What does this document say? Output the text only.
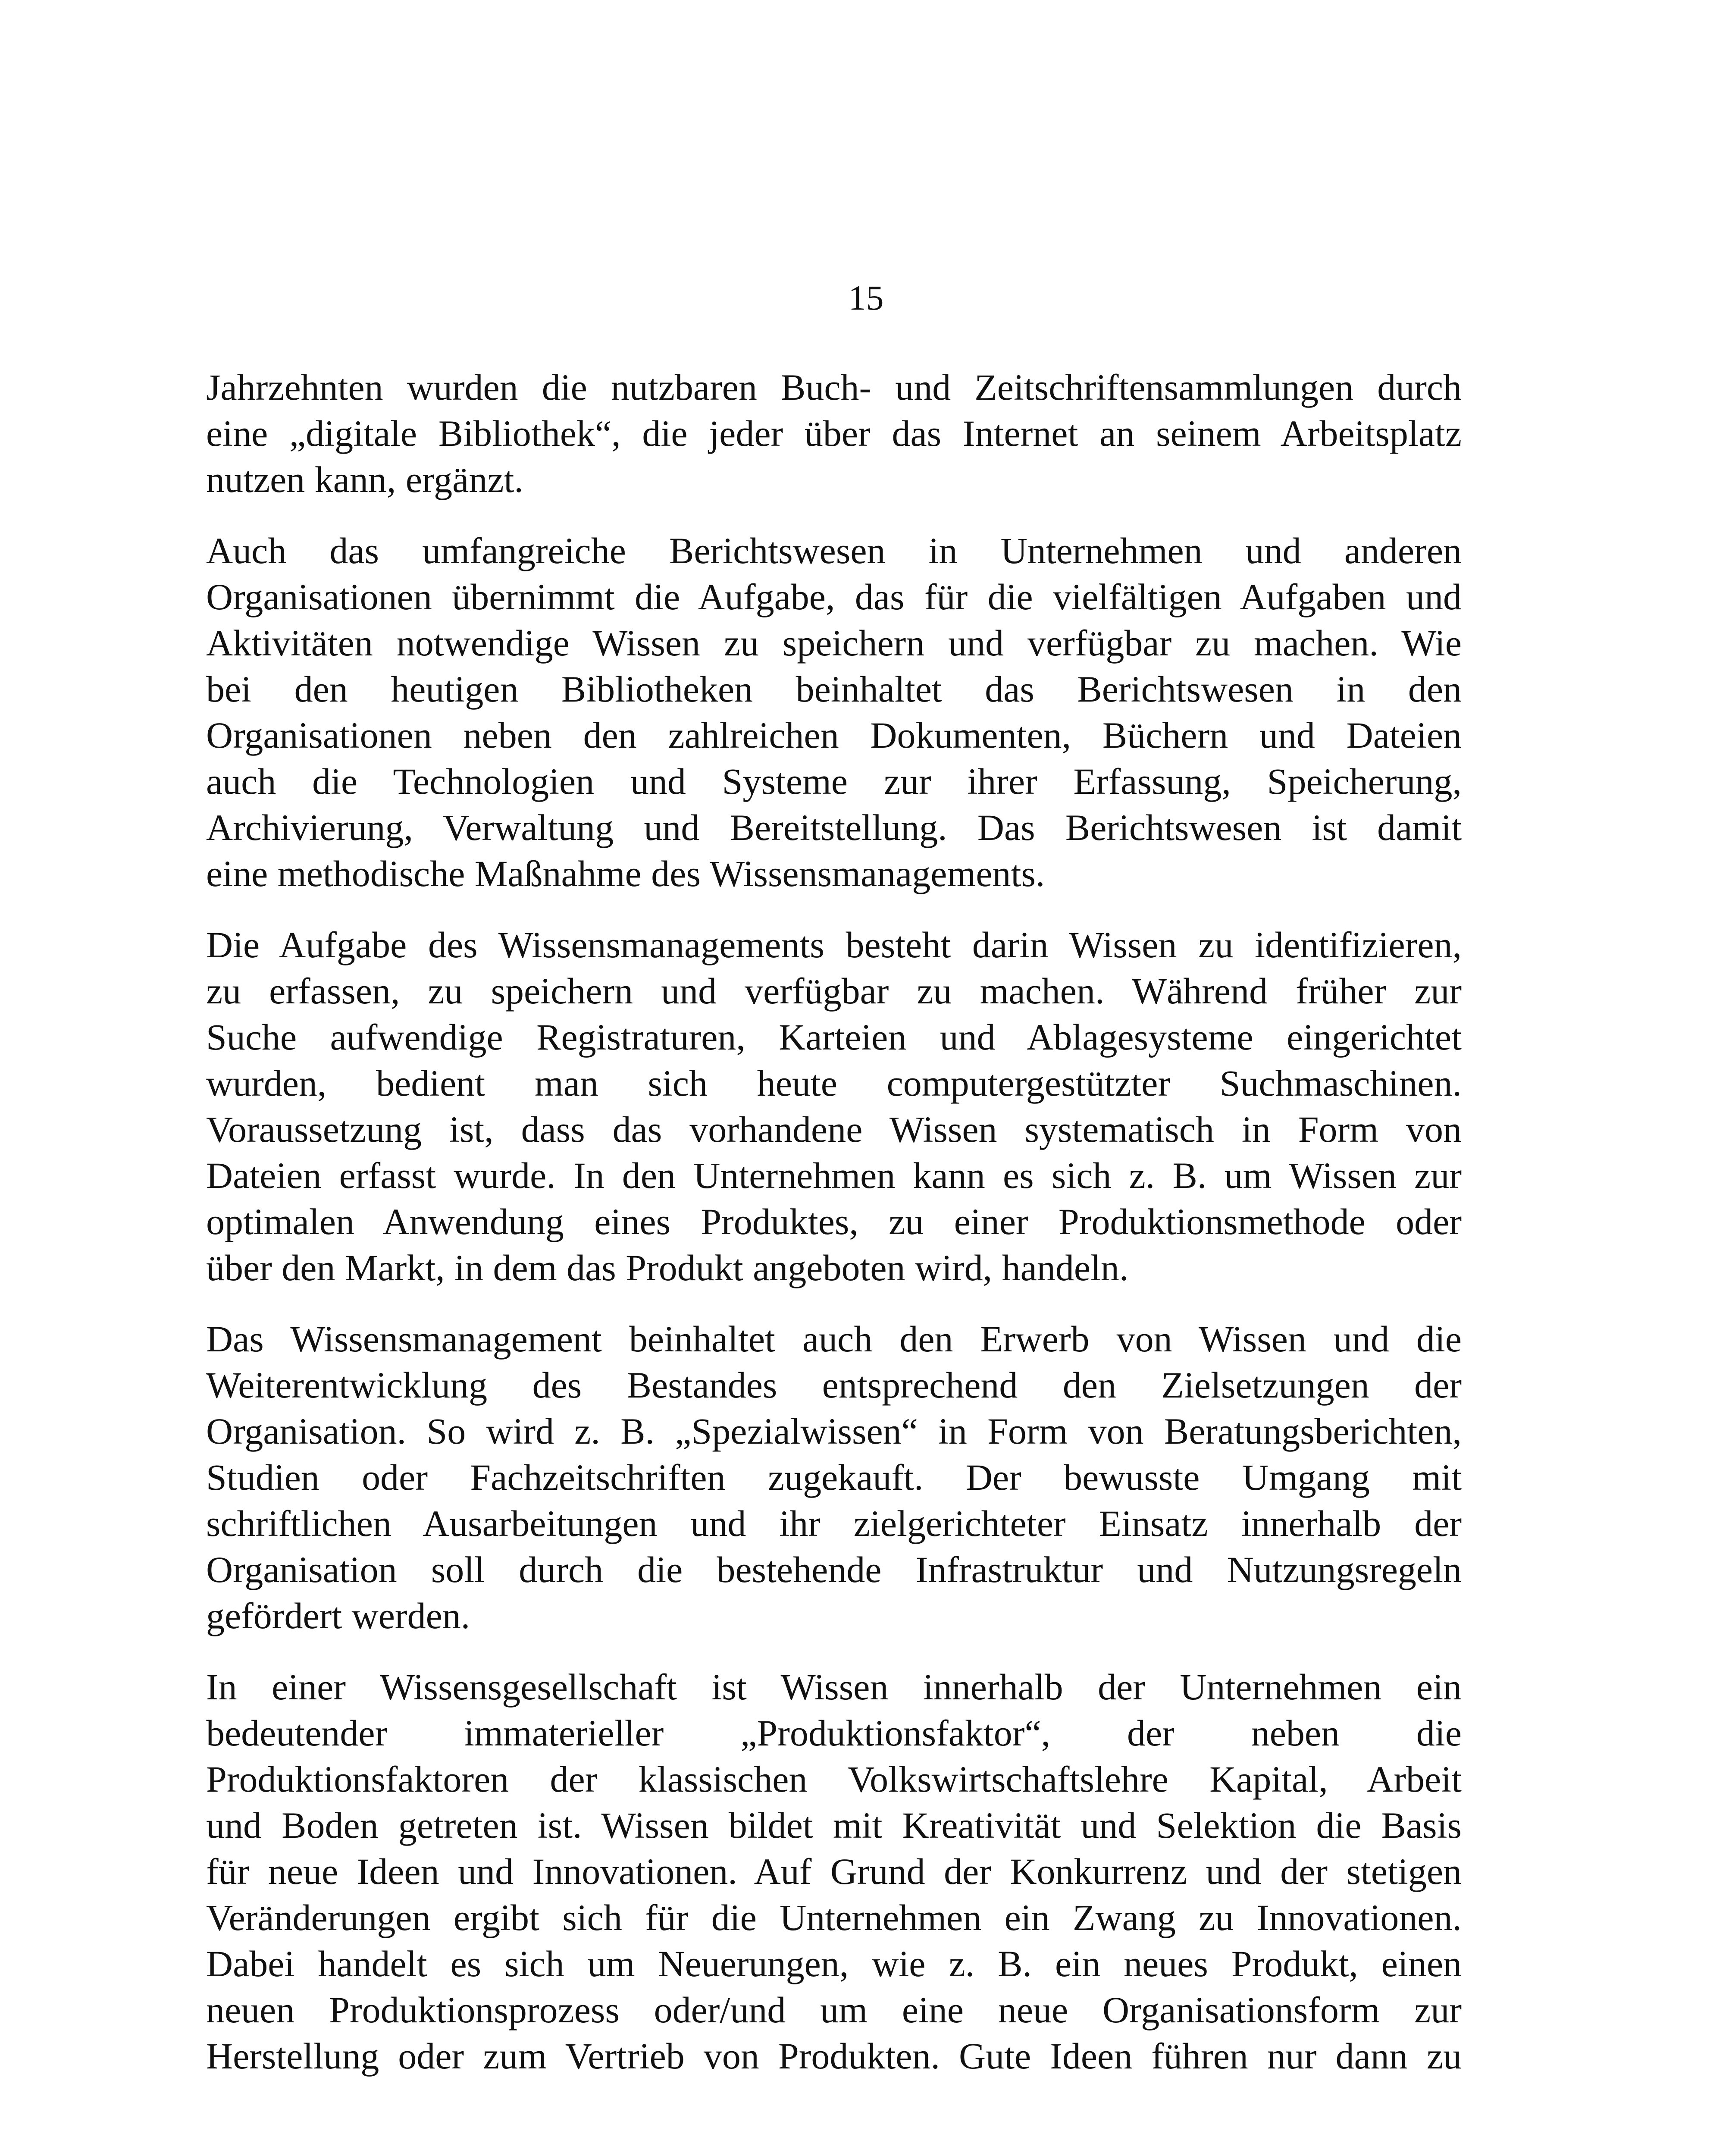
15

Jahrzehnten wurden die nutzbaren Buch- und Zeitschriftensammlungen durch
eine „digitale Bibliothek“, die jeder über das Internet an seinem Arbeitsplatz
nutzen kann, ergänzt.

Auch das umfangreiche Berichtswesen in Unternehmen und anderen
Organisationen übernimmt die Aufgabe, das für die vielfältigen Aufgaben und
Aktivitäten notwendige Wissen zu speichern und verfügbar zu machen. Wie
bei den heutigen Bibliotheken beinhaltet das Berichtswesen in den
Organisationen neben den zahlreichen Dokumenten, Büchern und Dateien
auch die Technologien und Systeme zur ihrer Erfassung, Speicherung,
Archivierung, Verwaltung und Bereitstellung. Das Berichtswesen ist damit
eine methodische Maßnahme des Wissensmanagements.

Die Aufgabe des Wissensmanagements besteht darin Wissen zu identifizieren,
zu erfassen, zu speichern und verfügbar zu machen. Während früher zur
Suche aufwendige Registraturen, Karteien und Ablagesysteme eingerichtet
wurden, bedient man sich heute computergestützter Suchmaschinen.
Voraussetzung ist, dass das vorhandene Wissen systematisch in Form von
Dateien erfasst wurde. In den Unternehmen kann es sich z. B. um Wissen zur
optimalen Anwendung eines Produktes, zu einer Produktionsmethode oder
über den Markt, in dem das Produkt angeboten wird, handeln.

Das Wissensmanagement beinhaltet auch den Erwerb von Wissen und die
Weiterentwicklung des Bestandes entsprechend den Zielsetzungen der
Organisation. So wird z. B. „Spezialwissen“ in Form von Beratungsberichten,
Studien oder Fachzeitschriften zugekauft. Der bewusste Umgang mit
schriftlichen Ausarbeitungen und ihr zielgerichteter Einsatz innerhalb der
Organisation soll durch die bestehende Infrastruktur und Nutzungsregeln
gefördert werden.

In einer Wissensgesellschaft ist Wissen innerhalb der Unternehmen ein
bedeutender immaterieller „Produktionsfaktor“, der neben die
Produktionsfaktoren der klassischen Volkswirtschaftslehre Kapital, Arbeit
und Boden getreten ist. Wissen bildet mit Kreativität und Selektion die Basis
für neue Ideen und Innovationen. Auf Grund der Konkurrenz und der stetigen
Veränderungen ergibt sich für die Unternehmen ein Zwang zu Innovationen.
Dabei handelt es sich um Neuerungen, wie z. B. ein neues Produkt, einen
neuen Produktionsprozess oder/und um eine neue Organisationsform zur
Herstellung oder zum Vertrieb von Produkten. Gute Ideen führen nur dann zu
